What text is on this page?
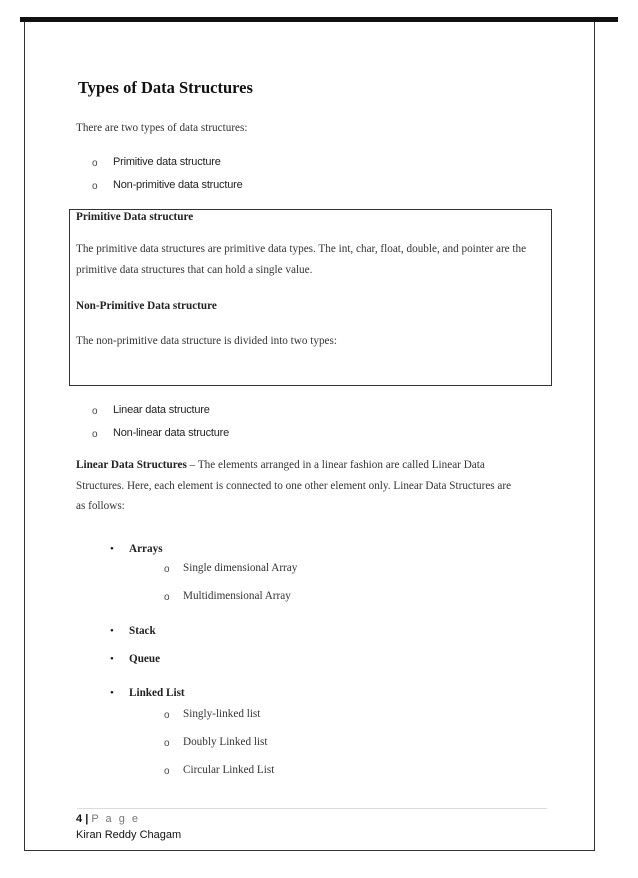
Types of Data Structures
There are two types of data structures:
o Primitive data structure
o Non-primitive data structure
Primitive Data structure
The primitive data structures are primitive data types. The int, char, float, double, and pointer are the
primitive data structures that can hold a single value.
Non-Primitive Data structure
The non-primitive data structure is divided into two types:
o Linear data structure
o Non-linear data structure
Linear Data Structures – The elements arranged in a linear fashion are called Linear Data
Structures. Here, each element is connected to one other element only. Linear Data Structures are
as follows:
• Arrays
o Single dimensional Array
o Multidimensional Array
• Stack
• Queue
• Linked List
o Singly-linked list
o Doubly Linked list
o Circular Linked List
4 | P a g e
Kiran Reddy Chagam
